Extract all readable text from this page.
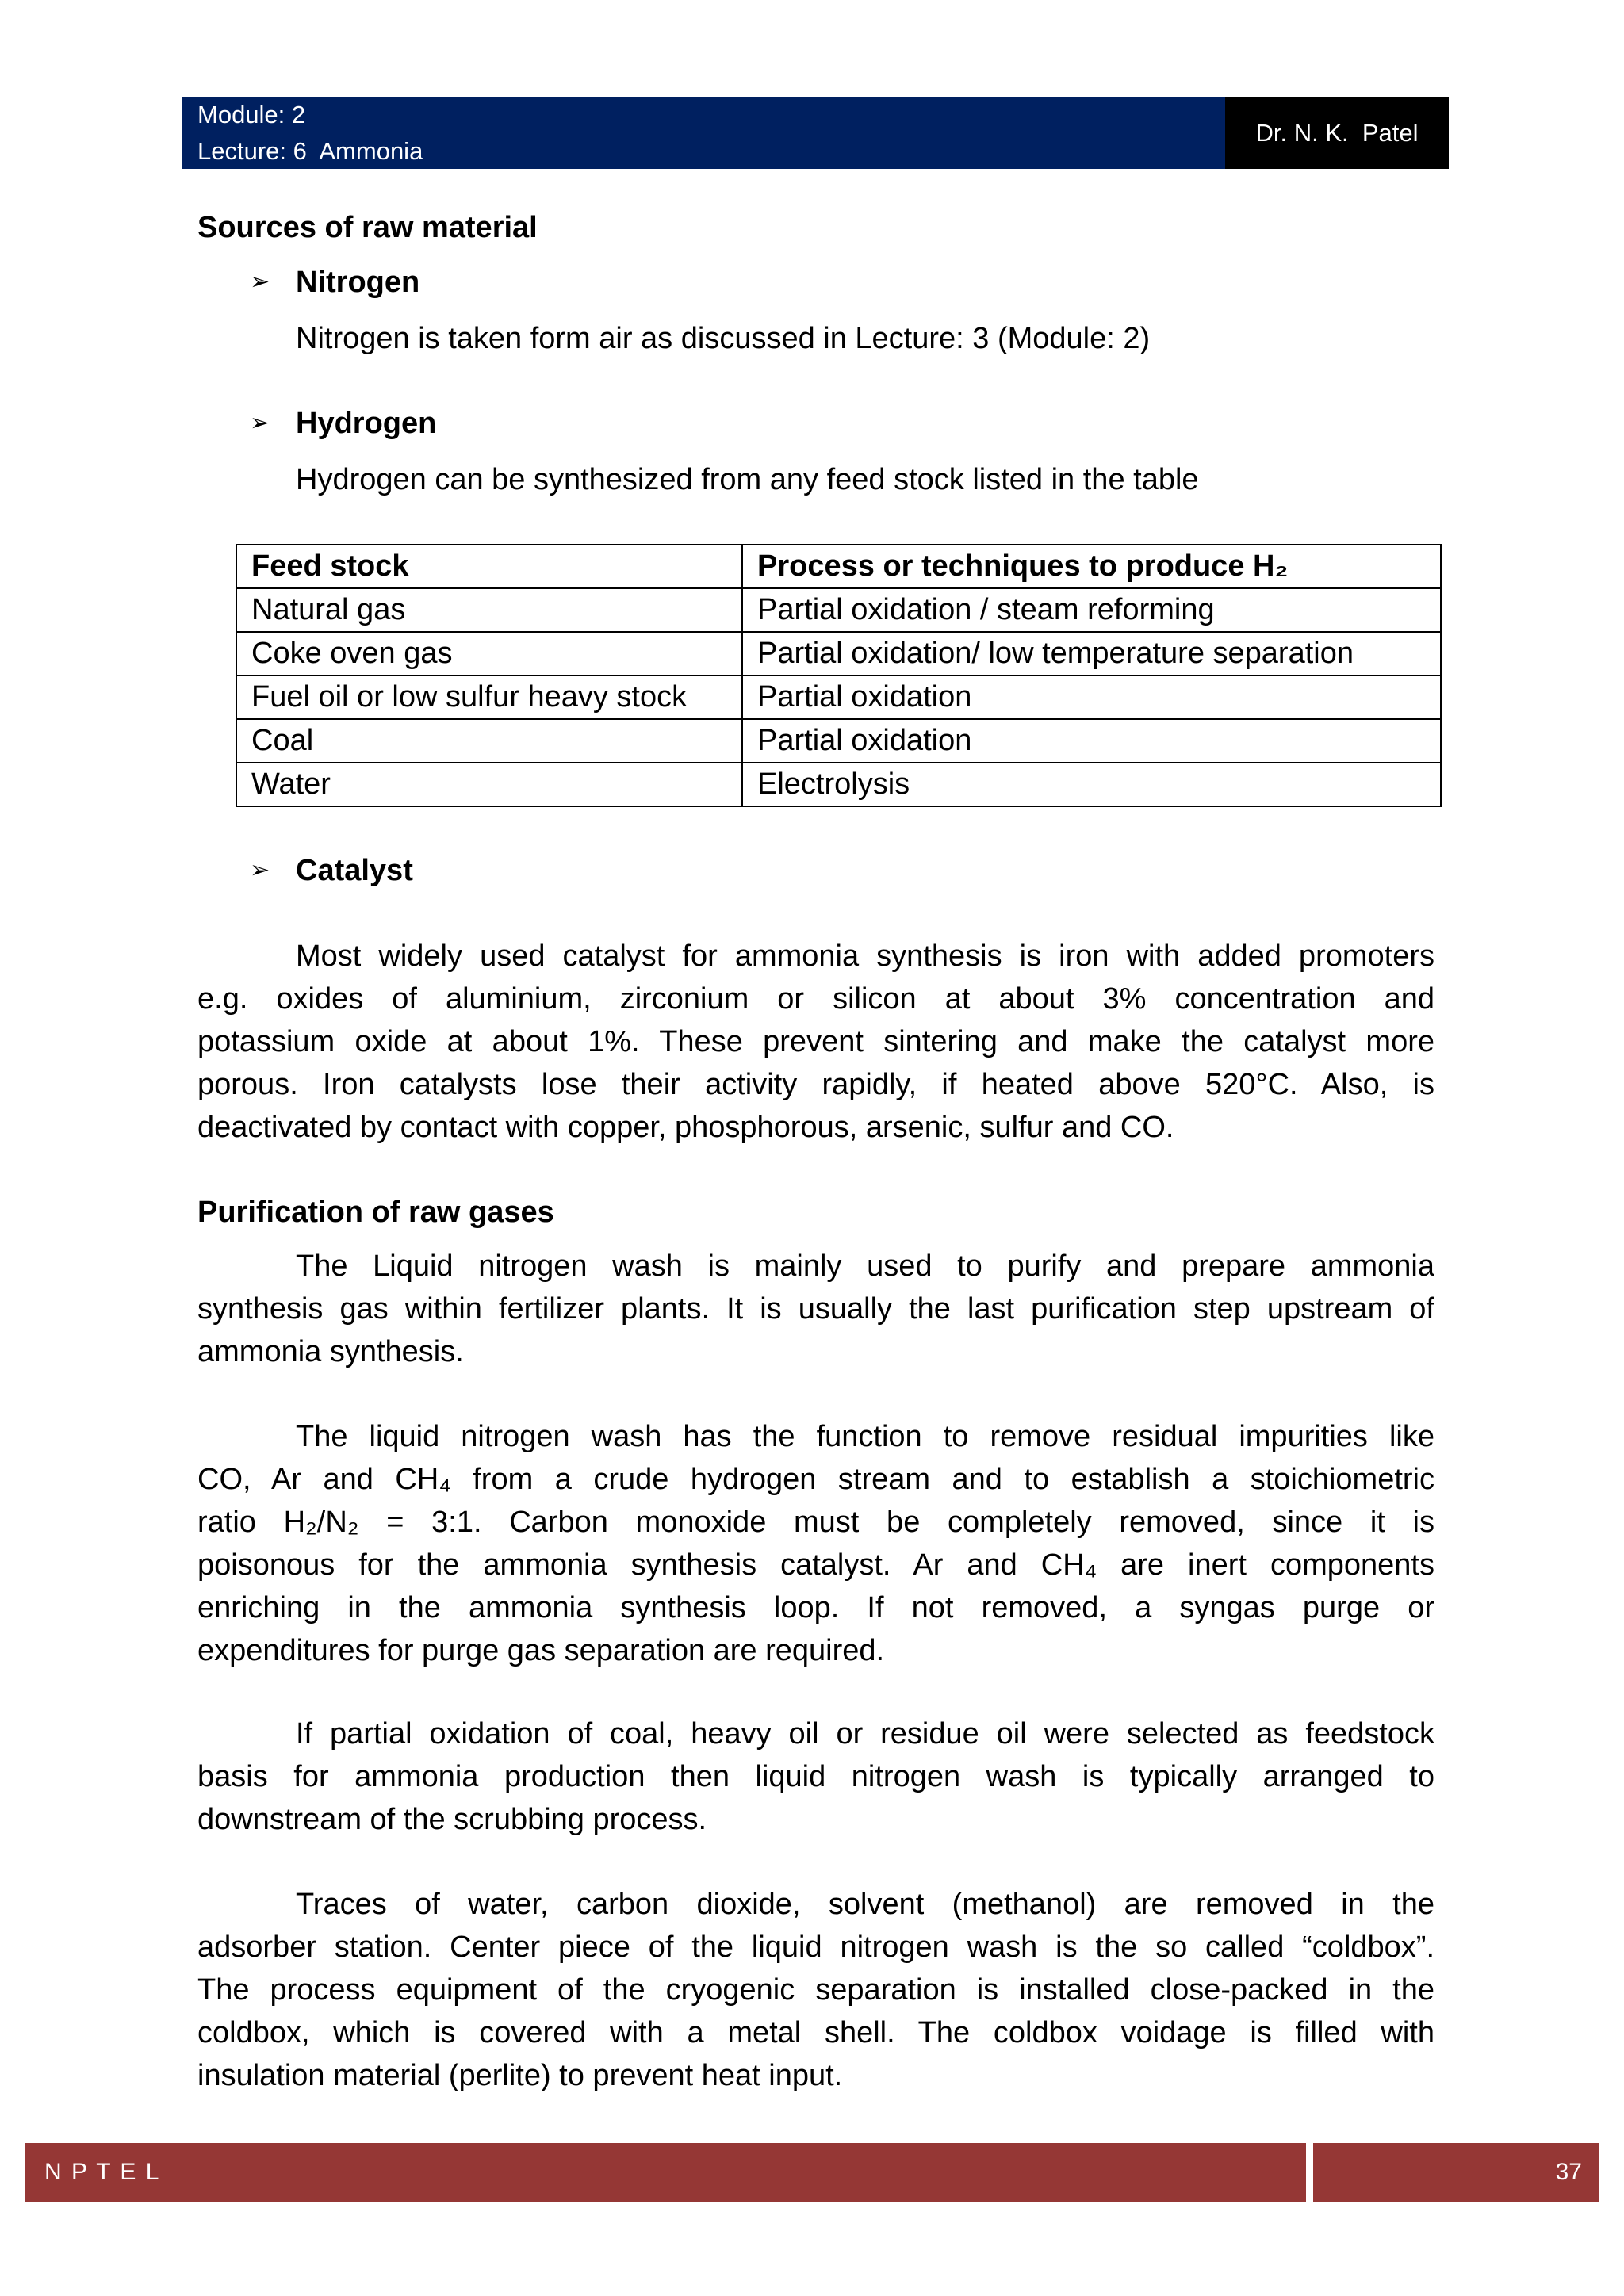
Module: 2
Lecture: 6  Ammonia
Dr. N. K.  Patel
Sources of raw material
➢
Nitrogen
Nitrogen is taken form air as discussed in Lecture: 3 (Module: 2)
➢
Hydrogen
Hydrogen can be synthesized from any feed stock listed in the table
Feed stock	Process or techniques to produce H₂
Natural gas	Partial oxidation / steam reforming
Coke oven gas	Partial oxidation/ low temperature separation
Fuel oil or low sulfur heavy stock	Partial oxidation
Coal	Partial oxidation
Water	Electrolysis
➢
Catalyst
Most widely used catalyst for ammonia synthesis is iron with added promoters
e.g. oxides of aluminium, zirconium or silicon at about 3% concentration and
potassium oxide at about 1%. These prevent sintering and make the catalyst more
porous. Iron catalysts lose their activity rapidly, if heated above 520°C. Also, is
deactivated by contact with copper, phosphorous, arsenic, sulfur and CO.
Purification of raw gases
The Liquid nitrogen wash is mainly used to purify and prepare ammonia
synthesis gas within fertilizer plants. It is usually the last purification step upstream of
ammonia synthesis.
The liquid nitrogen wash has the function to remove residual impurities like
CO, Ar and CH₄ from a crude hydrogen stream and to establish a stoichiometric
ratio H₂/N₂ = 3:1. Carbon monoxide must be completely removed, since it is
poisonous for the ammonia synthesis catalyst. Ar and CH₄ are inert components
enriching in the ammonia synthesis loop. If not removed, a syngas purge or
expenditures for purge gas separation are required.
If partial oxidation of coal, heavy oil or residue oil were selected as feedstock
basis for ammonia production then liquid nitrogen wash is typically arranged to
downstream of the scrubbing process.
Traces of water, carbon dioxide, solvent (methanol) are removed in the
adsorber station. Center piece of the liquid nitrogen wash is the so called “coldbox”.
The process equipment of the cryogenic separation is installed close-packed in the
coldbox, which is covered with a metal shell. The coldbox voidage is filled with
insulation material (perlite) to prevent heat input.
N P T E L	37
